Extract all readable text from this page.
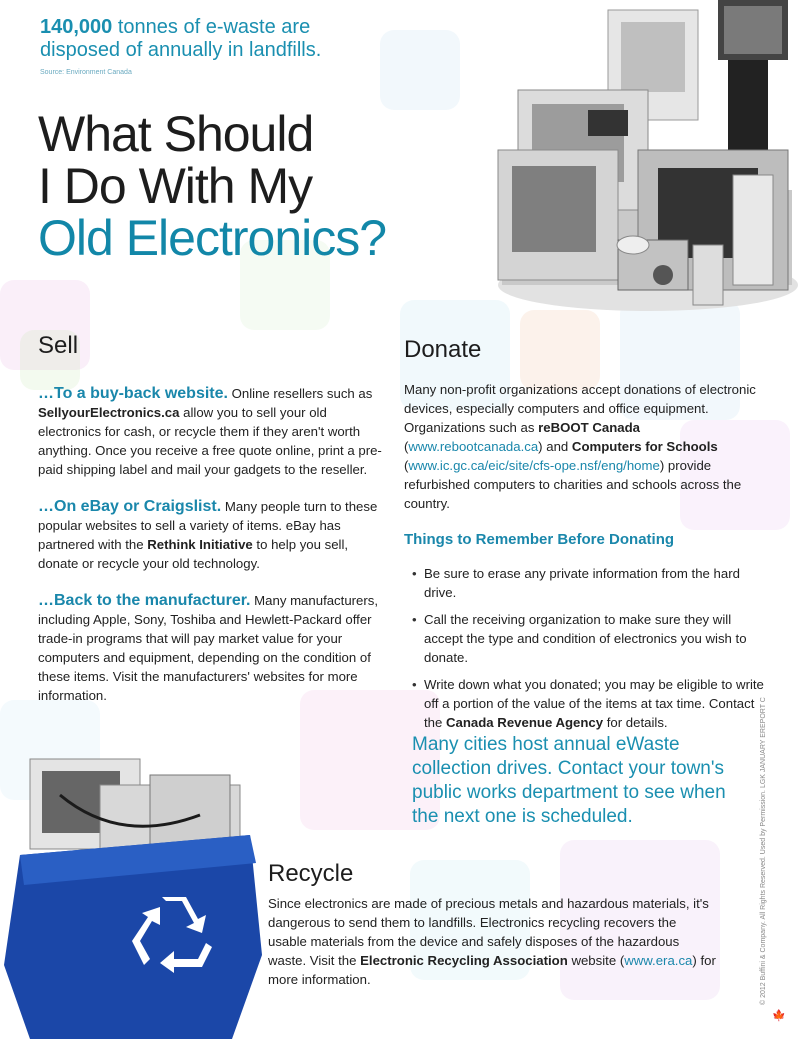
140,000 tonnes of e-waste are
disposed of annually in landfills.
Source: Environment Canada
What Should
I Do With My
Old Electronics?
Sell

…To a buy-back website. Online resellers such as SellyourElectronics.ca allow you to sell your old electronics for cash, or recycle them if they aren't worth anything. Once you receive a free quote online, print a pre-paid shipping label and mail your gadgets to the reseller.

…On eBay or Craigslist. Many people turn to these popular websites to sell a variety of items. eBay has partnered with the Rethink Initiative to help you sell, donate or recycle your old technology.

…Back to the manufacturer. Many manufacturers, including Apple, Sony, Toshiba and Hewlett-Packard offer trade-in programs that will pay market value for your computers and equipment, depending on the condition of these items. Visit the manufacturers' websites for more information.

Donate

Many non-profit organizations accept donations of electronic devices, especially computers and office equipment. Organizations such as reBOOT Canada
(www.rebootcanada.ca) and Computers for Schools
(www.ic.gc.ca/eic/site/cfs-ope.nsf/eng/home) provide refurbished computers to charities and schools across the country.

Things to Remember Before Donating
• Be sure to erase any private information from the hard drive.
• Call the receiving organization to make sure they will accept the type and condition of electronics you wish to donate.
• Write down what you donated; you may be eligible to write off a portion of the value of the items at tax time. Contact the Canada Revenue Agency for details.
Many cities host annual eWaste collection drives. Contact your town's public works department to see when the next one is scheduled.
Recycle

Since electronics are made of precious metals and hazardous materials, it's dangerous to send them to landfills. Electronics recycling recovers the usable materials from the device and safely disposes of the hazardous waste. Visit the Electronic Recycling Association website (www.era.ca) for more information.	© 2012 Buffini & Company. All Rights Reserved. Used by Permission. LGK JANUARY EREPORT C
🍁
